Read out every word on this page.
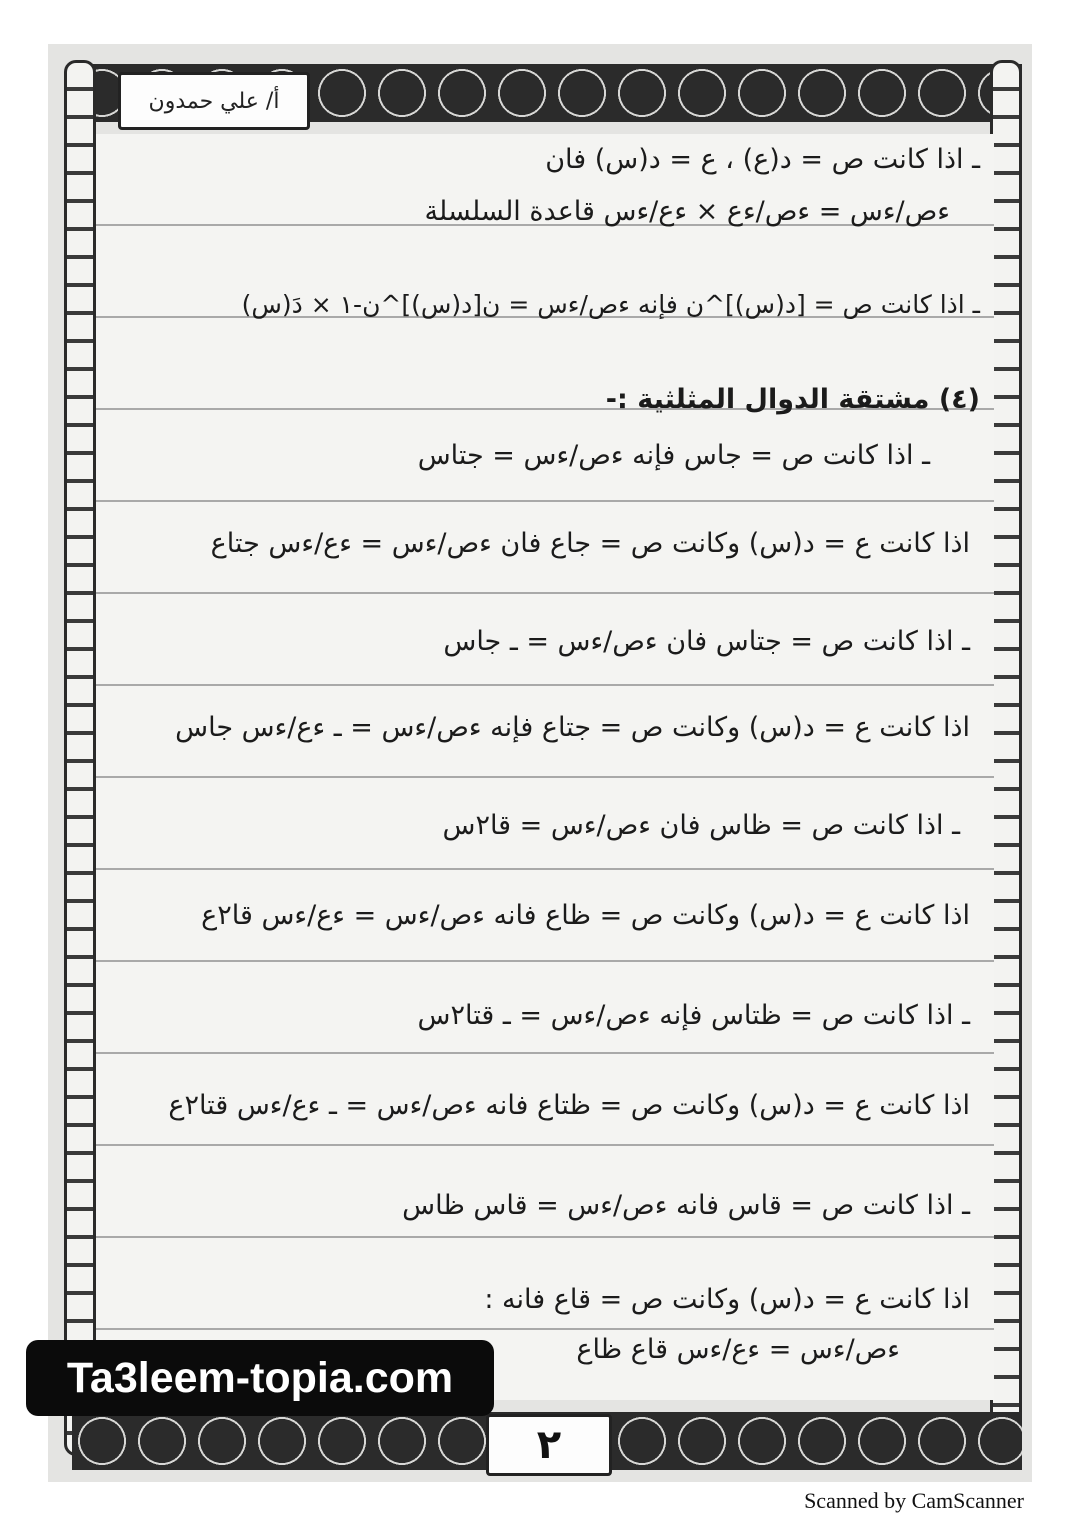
أ/ علي حمدون
ـ اذا كانت ص = د(ع) ، ع = د(س) فان
ءص/ءس = ءص/ءع × ءع/ءس قاعدة السلسلة
ـ اذا كانت ص = [د(س)]^ن فإنه ءص/ءس = ن[د(س)]^ن-١ × دَ(س)
(٤) مشتقة الدوال المثلثية :-
ـ اذا كانت ص = جاس فإنه ءص/ءس = جتاس
اذا كانت ع = د(س) وكانت ص = جاع فان ءص/ءس = ءع/ءس جتاع
ـ اذا كانت ص = جتاس فان ءص/ءس = ـ جاس
اذا كانت ع = د(س) وكانت ص = جتاع فإنه ءص/ءس = ـ ءع/ءس جاس
ـ اذا كانت ص = ظاس فان ءص/ءس = قا٢س
اذا كانت ع = د(س) وكانت ص = ظاع فانه ءص/ءس = ءع/ءس قا٢ع
ـ اذا كانت ص = ظتاس فإنه ءص/ءس = ـ قتا٢س
اذا كانت ع = د(س) وكانت ص = ظتاع فانه ءص/ءس = ـ ءع/ءس قتا٢ع
ـ اذا كانت ص = قاس فانه ءص/ءس = قاس ظاس
اذا كانت ع = د(س) وكانت ص = قاع فانه :
ءص/ءس = ءع/ءس قاع ظاع
٢
Ta3leem-topia.com
Scanned by CamScanner
